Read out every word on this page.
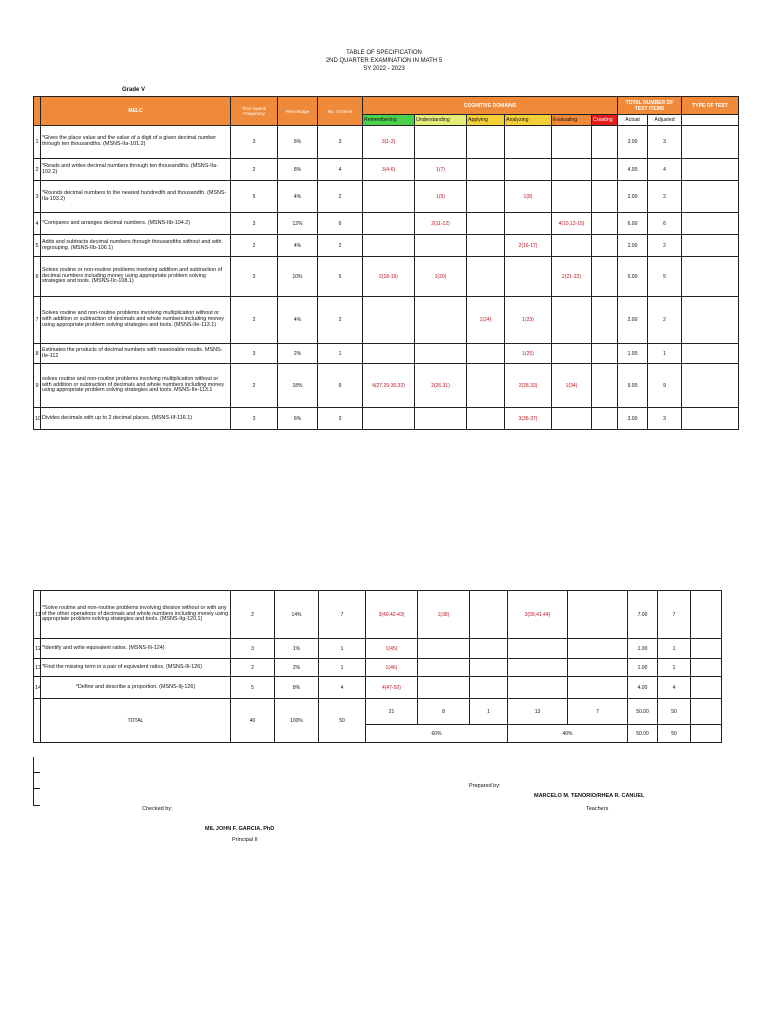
TABLE OF SPECIFICATION
2ND QUARTER EXAMINATION IN MATH 5
SY 2022 - 2023
Grade V
	MELC	Time Spent/ Frequency	Percentage	No. of Items	COGNITIVE DOMAINS						TOTAL NUMBER OF TEST ITEMS		TYPE OF TEST
					Remembering	Understanding	Applying	Analyzing	Evaluating	Creating	Actual	Adjusted	
1	*Gives the place value and the value of a digit of a given decimal number through ten thousandths. (MSNS-IIa-101.2)	3	6%	3	3(1-3)						3.00	3	
2	*Reads and writes decimal numbers through ten thousandths. (MSNS-IIa-102.2)	2	8%	4	3(4-6)	1(7)					4.00	4	
3	*Rounds decimal numbers to the nearest hundredth and thousandth. (MSNS-IIa-103.2)	5	4%	2		1(9)		1(8)			2.00	2	
4	*Compares and arranges decimal numbers. (MSNS-IIb-104.2)	3	12%	6		2(11-12)			4(10,13-15)		6.00	6	
5	Adds and subtracts decimal numbers through thousandths without and with regrouping. (MSNS-IIb-106.1)	2	4%	2				2(16-17)			2.00	2	
6	Solves routine or non-routine problems involving addition and subtraction of decimal numbers including money using appropriate problem solving strategies and tools. (MSNS-IIc-108.1)	3	10%	5	2(18-19)	1(20)			2(21-22)		5.00	5	
7	Solves routine and non-routine problems involving multiplication without or with addition or subtraction of decimals and whole numbers including money using appropriate problem solving strategies and tools. (MSNS-IIe-113.1)	2	4%	2			1(24)	1(23)			2.00	2	
8	Estimates the products of decimal numbers with reasonable results. MSNS-IIe-112	3	2%	1				1(25)			1.00	1	
9	solves routine and non-routine problems involving multiplication without or with addition or subtraction of decimals and whole numbers including money using appropriate problem solving strategies and tools. MSNS-IIe-113.1	2	18%	9	4(27,29-30,32)	2(26,31)		2(28,33)	1(34)		9.00	9	
10	Divides decimals with up to 2 decimal places. (MSNS-IIf-116.1)	3	6%	3				3(35-37)			3.00	3	
11	*Solve routine and non-routine problems involving division without or with any of the other operations of decimals and whole numbers including money using appropriate problem-solving strategies and tools. (MSNS-IIg-120.1)	2	14%	7	3(40,42-43)	1(38)		3(39,41,44)		7.00	7	
12	*Identify and write equivalent ratios. (MSNS-IIi-124)	3	1%	1	1(45)					1.00	1	
13	*Find the missing term in a pair of equivalent ratios. (MSNS-IIi-126)	2	2%	1	1(46)					1.00	1	
14	*Define and describe a proportion. (MSNS-IIj-126)	5	8%	4	4(47-50)					4.00	4	
	TOTAL	40	100%	50	21	8	1	13	7	50.00	50	
					60%			40%		50.00	50	
Prepared by:
MARCELO M. TENORIO/RHEA R. CANUEL
Teachers
Checked by:
MIL JOHN F. GARCIA, PhD
Principal II
